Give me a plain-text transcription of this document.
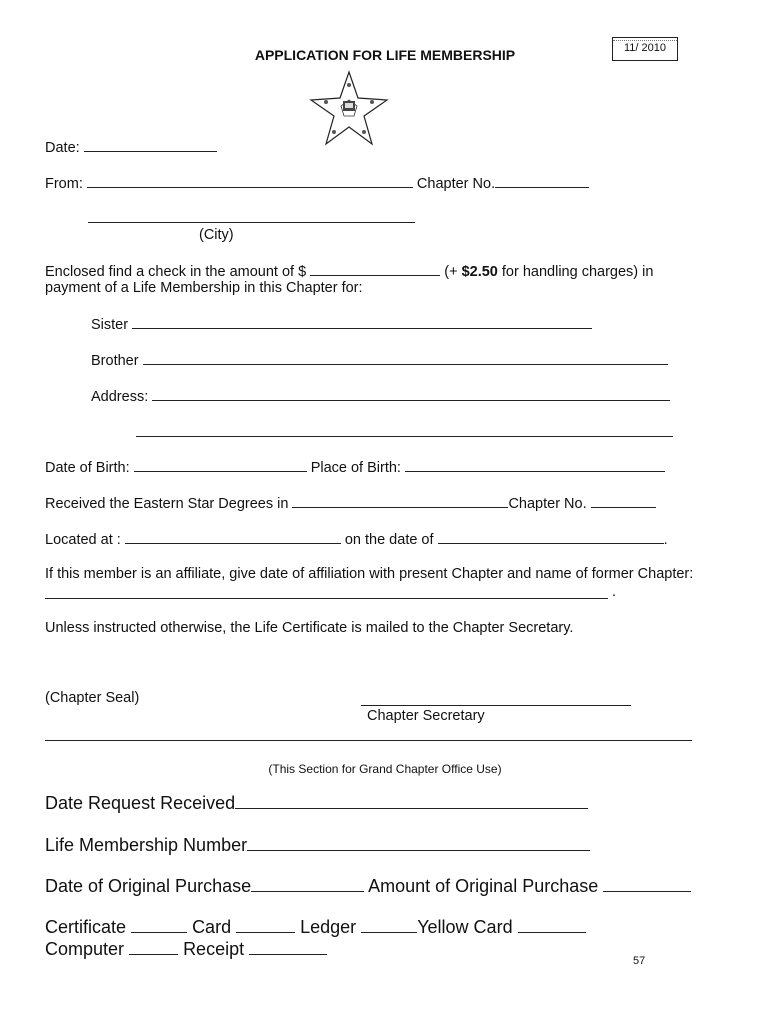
11/ 2010
APPLICATION FOR LIFE MEMBERSHIP
Date:
From:	Chapter No.
(City)
Enclosed find a check in the amount of $	(+ $2.50 for handling charges) in
payment of a Life Membership in this Chapter for:
Sister
Brother
Address:
Date of Birth:	Place of Birth:
Received the Eastern Star Degrees in	Chapter No.
Located at :	on the date of	.
If this member is an affiliate, give date of affiliation with present Chapter and name of former Chapter:
.
Unless instructed otherwise, the Life Certificate is mailed to the Chapter Secretary.
(Chapter Seal)
Chapter Secretary
(This Section for Grand Chapter Office Use)
Date Request Received
Life Membership Number
Date of Original Purchase	Amount of Original Purchase
Certificate	Card	Ledger	Yellow Card
Computer	Receipt
57
